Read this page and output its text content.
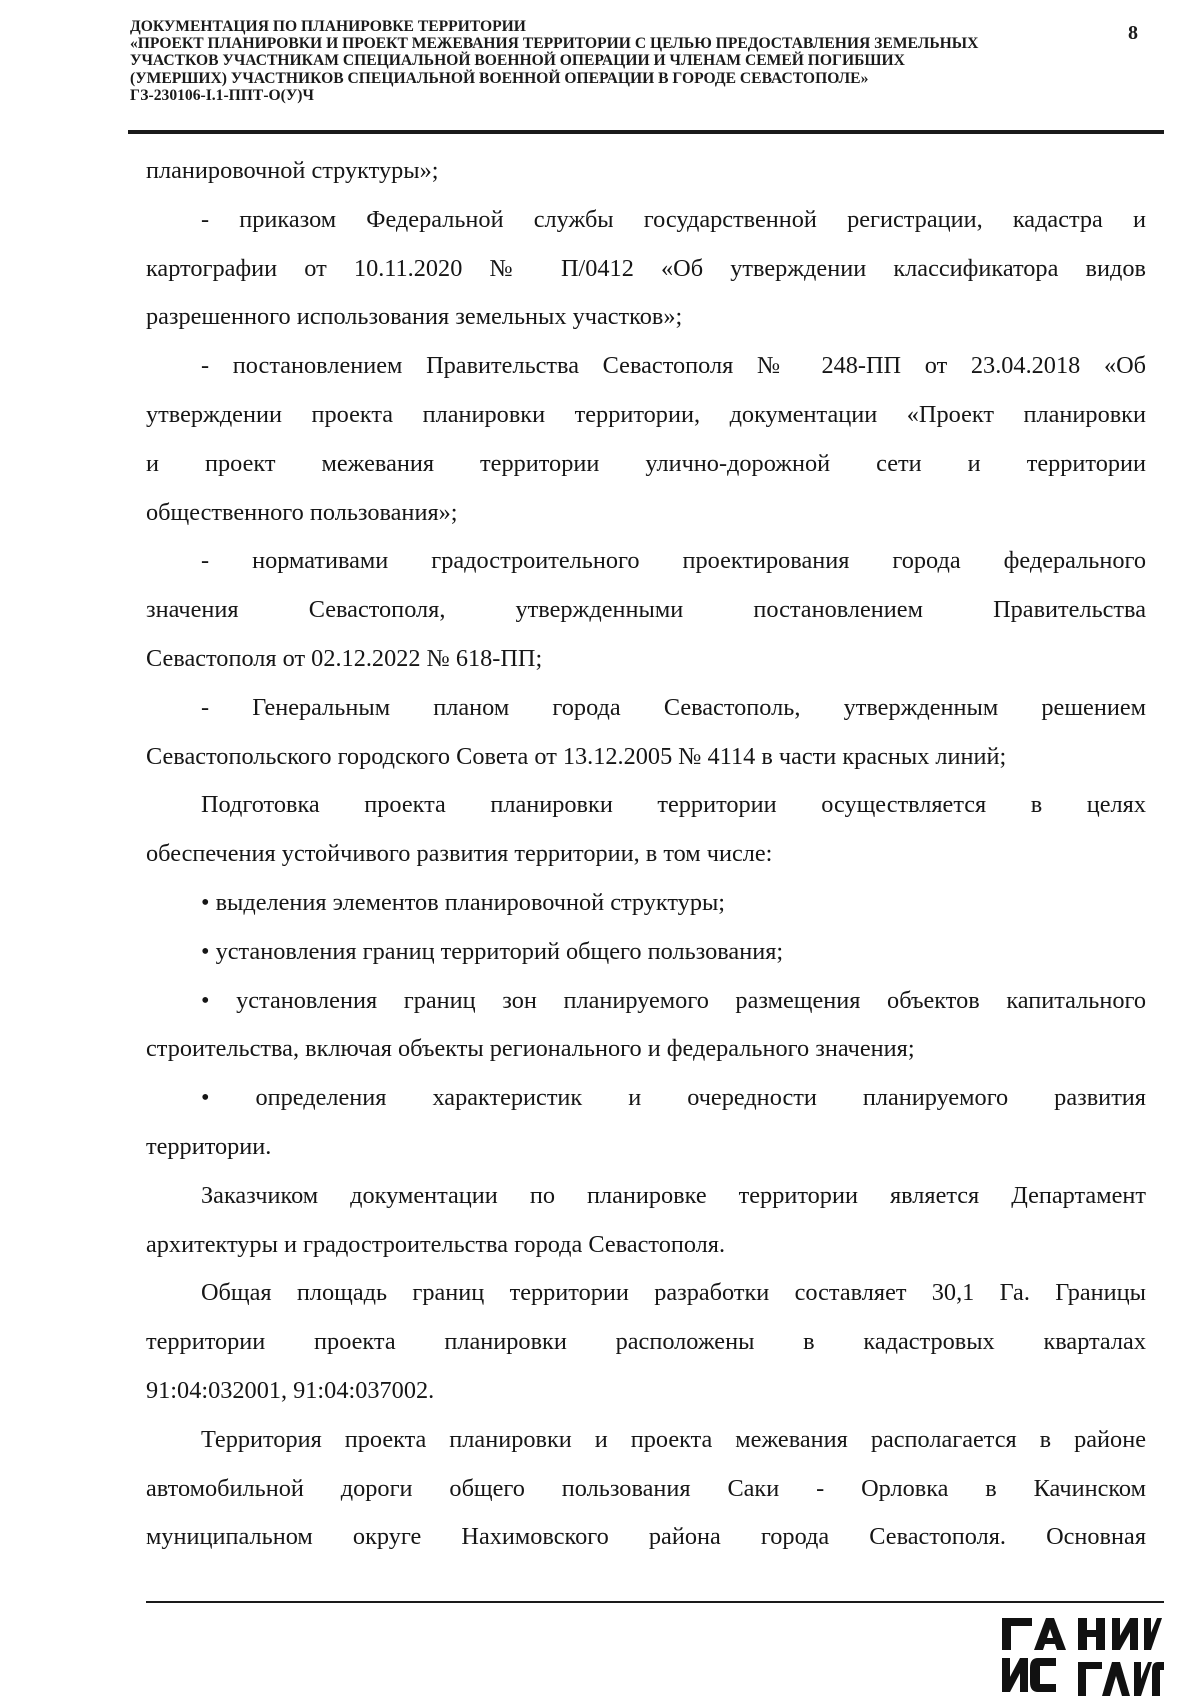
ДОКУМЕНТАЦИЯ ПО ПЛАНИРОВКЕ ТЕРРИТОРИИ
«ПРОЕКТ ПЛАНИРОВКИ И ПРОЕКТ МЕЖЕВАНИЯ ТЕРРИТОРИИ С ЦЕЛЬЮ ПРЕДОСТАВЛЕНИЯ ЗЕМЕЛЬНЫХ
УЧАСТКОВ УЧАСТНИКАМ СПЕЦИАЛЬНОЙ ВОЕННОЙ ОПЕРАЦИИ И ЧЛЕНАМ СЕМЕЙ ПОГИБШИХ
(УМЕРШИХ) УЧАСТНИКОВ СПЕЦИАЛЬНОЙ ВОЕННОЙ ОПЕРАЦИИ В ГОРОДЕ СЕВАСТОПОЛЕ»
ГЗ-230106-I.1-ППТ-О(У)Ч
8
планировочной структуры»;
- приказом Федеральной службы государственной регистрации, кадастра и
картографии от 10.11.2020 № П/0412 «Об утверждении классификатора видов
разрешенного использования земельных участков»;
- постановлением Правительства Севастополя № 248-ПП от 23.04.2018 «Об
утверждении проекта планировки территории, документации «Проект планировки
и проект межевания территории улично-дорожной сети и территории
общественного пользования»;
- нормативами градостроительного проектирования города федерального
значения Севастополя, утвержденными постановлением Правительства
Севастополя от 02.12.2022 № 618-ПП;
- Генеральным планом города Севастополь, утвержденным решением
Севастопольского городского Совета от 13.12.2005 № 4114 в части красных линий;
Подготовка проекта планировки территории осуществляется в целях
обеспечения устойчивого развития территории, в том числе:
• выделения элементов планировочной структуры;
• установления границ территорий общего пользования;
• установления границ зон планируемого размещения объектов капитального
строительства, включая объекты регионального и федерального значения;
• определения характеристик и очередности планируемого развития
территории.
Заказчиком документации по планировке территории является Департамент
архитектуры и градостроительства города Севастополя.
Общая площадь границ территории разработки составляет 30,1 Га. Границы
территории проекта планировки расположены в кадастровых кварталах
91:04:032001, 91:04:037002.
Территория проекта планировки и проекта межевания располагается в районе
автомобильной дороги общего пользования Саки - Орловка в Качинском
муниципальном округе Нахимовского района города Севастополя. Основная
